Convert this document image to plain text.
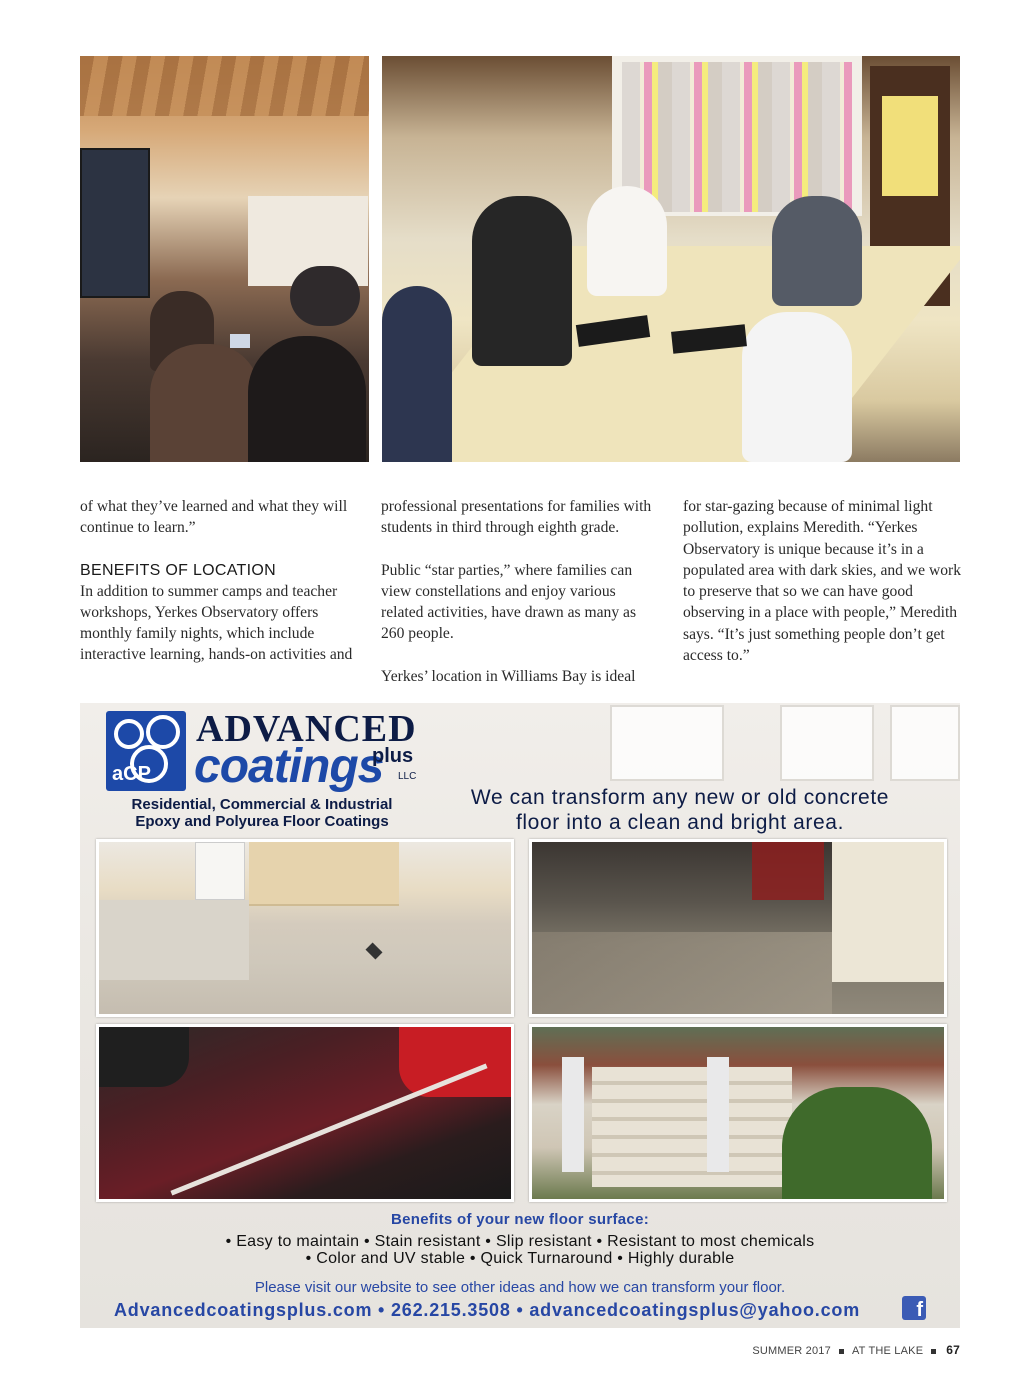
of what they’ve learned and what they will continue to learn.”

BENEFITS OF LOCATION

In addition to summer camps and teacher workshops, Yerkes Observatory offers monthly family nights, which include interactive learning, hands-on activities and

professional presentations for families with students in third through eighth grade.

Public “star parties,” where families can view constellations and enjoy various related activities, have drawn as many as 260 people.

Yerkes’ location in Williams Bay is ideal

for star-gazing because of minimal light pollution, explains Meredith. “Yerkes Observatory is unique because it’s in a populated area with dark skies, and we work to preserve that so we can have good observing in a place with people,” Meredith says. “It’s just something people don’t get access to.”

aCP
ADVANCED
coatings
plus
LLC
Residential, Commercial & Industrial
Epoxy and Polyurea Floor Coatings
We can transform any new or old concrete
floor into a clean and bright area.
Benefits of your new floor surface:
• Easy to maintain • Stain resistant • Slip resistant • Resistant to most chemicals
• Color and UV stable • Quick Turnaround • Highly durable
Please visit our website to see other ideas and how we can transform your floor.
Advancedcoatingsplus.com • 262.215.3508 • advancedcoatingsplus@yahoo.com	f
SUMMER 2017 AT THE LAKE 67
